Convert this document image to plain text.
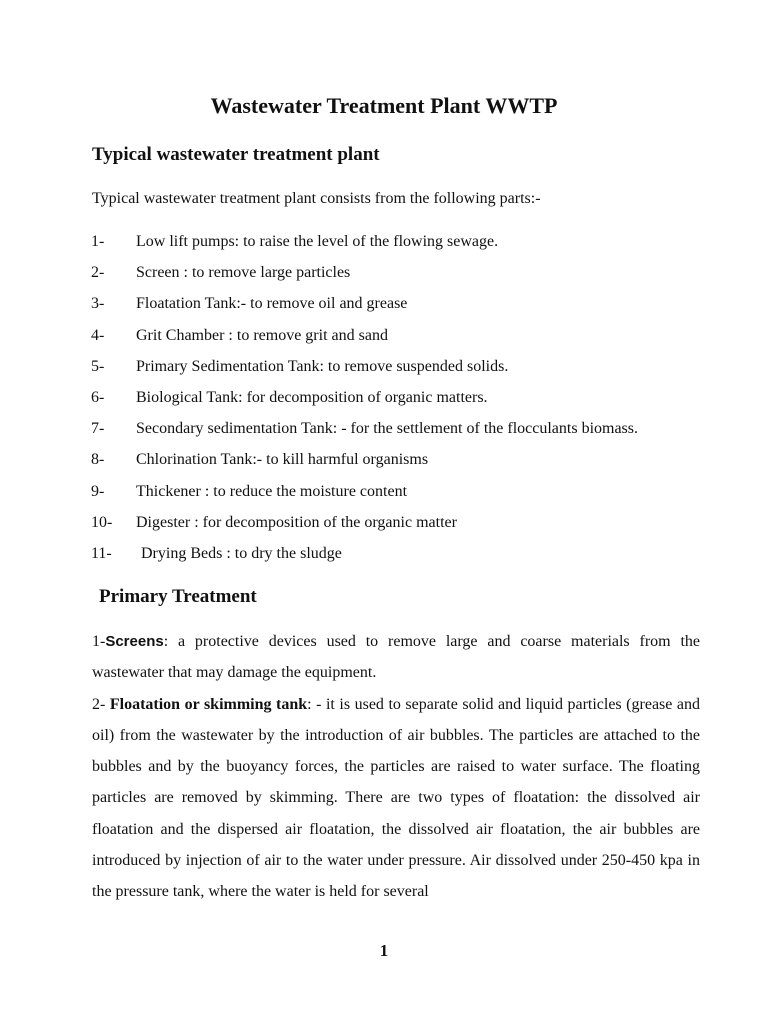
Wastewater Treatment Plant WWTP
Typical wastewater treatment plant

Typical wastewater treatment plant consists from the following parts:-

1- Low lift pumps: to raise the level of the flowing sewage.
2- Screen : to remove large particles
3- Floatation Tank:- to remove oil and grease
4- Grit Chamber : to remove grit and sand
5- Primary Sedimentation Tank: to remove suspended solids.
6- Biological Tank: for decomposition of organic matters.
7- Secondary sedimentation Tank: - for the settlement of the flocculants biomass.
8- Chlorination Tank:- to kill harmful organisms
9- Thickener : to reduce the moisture content
10- Digester : for decomposition of the organic matter
11- Drying Beds : to dry the sludge
Primary Treatment

1-Screens: a protective devices used to remove large and coarse materials from the wastewater that may damage the equipment.

2- Floatation or skimming tank: - it is used to separate solid and liquid particles (grease and oil) from the wastewater by the introduction of air bubbles. The particles are attached to the bubbles and by the buoyancy forces, the particles are raised to water surface. The floating particles are removed by skimming. There are two types of floatation: the dissolved air floatation and the dispersed air floatation, the dissolved air floatation, the air bubbles are introduced by injection of air to the water under pressure. Air dissolved under 250-450 kpa in the pressure tank, where the water is held for several

1
